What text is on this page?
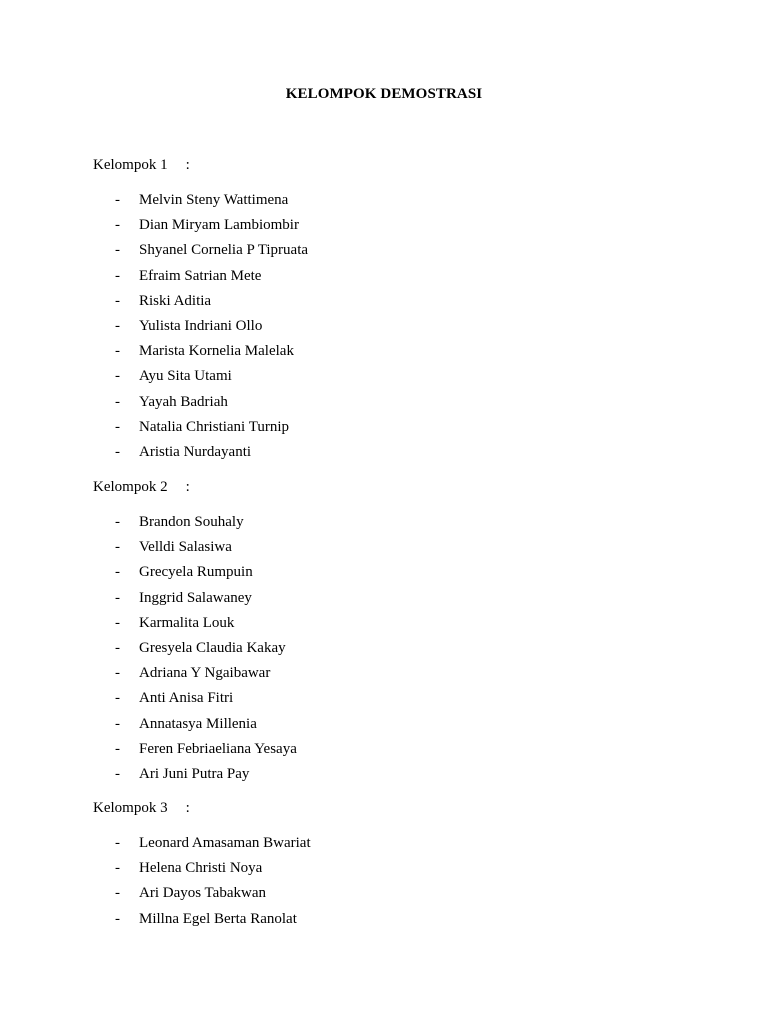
KELOMPOK DEMOSTRASI
Kelompok 1 :
- Melvin Steny Wattimena
- Dian Miryam Lambiombir
- Shyanel Cornelia P Tipruata
- Efraim Satrian Mete
- Riski Aditia
- Yulista Indriani Ollo
- Marista Kornelia Malelak
- Ayu Sita Utami
- Yayah Badriah
- Natalia Christiani Turnip
- Aristia Nurdayanti
Kelompok 2 :
- Brandon Souhaly
- Velldi Salasiwa
- Grecyela Rumpuin
- Inggrid Salawaney
- Karmalita Louk
- Gresyela Claudia Kakay
- Adriana Y Ngaibawar
- Anti Anisa Fitri
- Annatasya Millenia
- Feren Febriaeliana Yesaya
- Ari Juni Putra Pay
Kelompok 3 :
- Leonard Amasaman Bwariat
- Helena Christi Noya
- Ari Dayos Tabakwan
- Millna Egel Berta Ranolat
